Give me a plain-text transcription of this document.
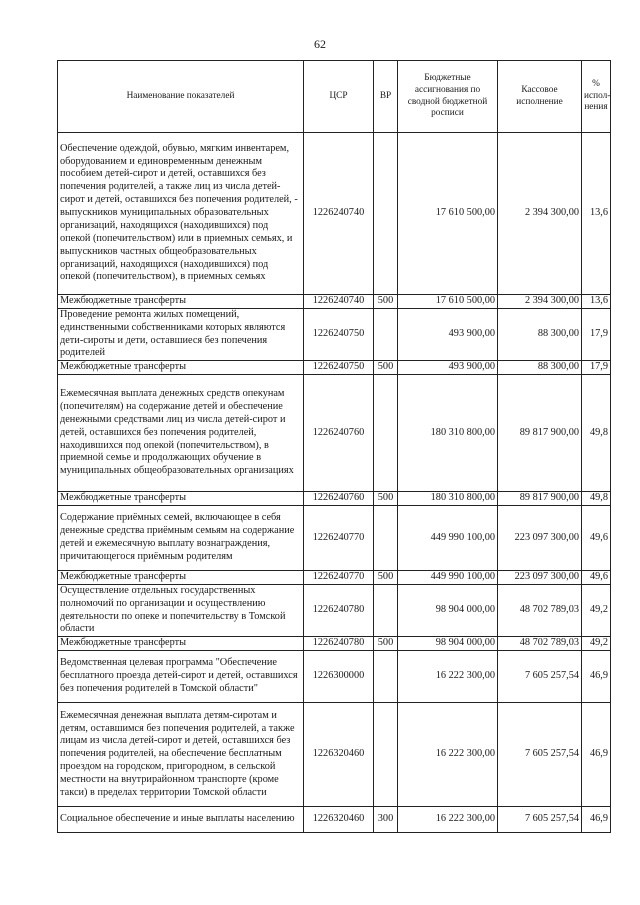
62
Наименование показателей	ЦСР	ВР	Бюджетные ассигнования по сводной бюджетной росписи	Кассовое исполнение	% испол-нения
Обеспечение одеждой, обувью, мягким инвентарем, оборудованием и единовременным денежным пособием детей-сирот и детей, оставшихся без попечения родителей, а также лиц из числа детей-сирот и детей, оставшихся без попечения родителей, - выпускников муниципальных образовательных организаций, находящихся (находившихся) под опекой (попечительством) или в приемных семьях, и выпускников частных общеобразовательных организаций, находящихся (находившихся) под опекой (попечительством), в приемных семьях	1226240740		17 610 500,00	2 394 300,00	13,6
Межбюджетные трансферты	1226240740	500	17 610 500,00	2 394 300,00	13,6
Проведение ремонта жилых помещений, единственными собственниками которых являются дети-сироты и дети, оставшиеся без попечения родителей	1226240750		493 900,00	88 300,00	17,9
Межбюджетные трансферты	1226240750	500	493 900,00	88 300,00	17,9
Ежемесячная выплата денежных средств опекунам (попечителям) на содержание детей и обеспечение денежными средствами лиц из числа детей-сирот и детей, оставшихся без попечения родителей, находившихся под опекой (попечительством), в приемной семье и продолжающих обучение в муниципальных общеобразовательных организациях	1226240760		180 310 800,00	89 817 900,00	49,8
Межбюджетные трансферты	1226240760	500	180 310 800,00	89 817 900,00	49,8
Содержание приёмных семей, включающее в себя денежные средства приёмным семьям на содержание детей и ежемесячную выплату вознаграждения, причитающегося приёмным родителям	1226240770		449 990 100,00	223 097 300,00	49,6
Межбюджетные трансферты	1226240770	500	449 990 100,00	223 097 300,00	49,6
Осуществление отдельных государственных полномочий по организации и осуществлению деятельности по опеке и попечительству в Томской области	1226240780		98 904 000,00	48 702 789,03	49,2
Межбюджетные трансферты	1226240780	500	98 904 000,00	48 702 789,03	49,2
Ведомственная целевая программа "Обеспечение бесплатного проезда детей-сирот и детей, оставшихся без попечения родителей в Томской области"	1226300000		16 222 300,00	7 605 257,54	46,9
Ежемесячная денежная выплата детям-сиротам и детям, оставшимся без попечения родителей, а также лицам из числа детей-сирот и детей, оставшихся без попечения родителей, на обеспечение бесплатным проездом на городском, пригородном, в сельской местности на внутрирайонном транспорте (кроме такси) в пределах территории Томской области	1226320460		16 222 300,00	7 605 257,54	46,9
Социальное обеспечение и иные выплаты населению	1226320460	300	16 222 300,00	7 605 257,54	46,9
